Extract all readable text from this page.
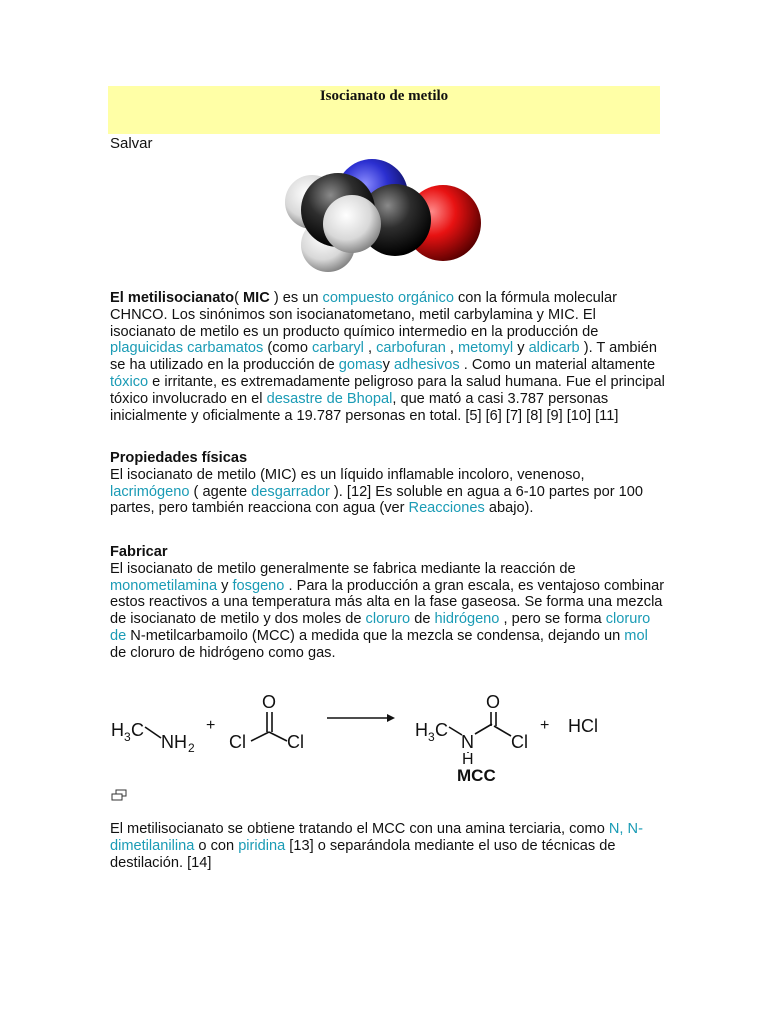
Isocianato de metilo
Salvar
El metilisocianato( MIC ) es un compuesto orgánico con la fórmula molecular CHNCO. Los sinónimos son isocianatometano, metil carbylamina y MIC. El isocianato de metilo es un producto químico intermedio en la producción de plaguicidas carbamatos (como carbaryl , carbofuran , metomyl y aldicarb ). T ambién se ha utilizado en la producción de gomasy adhesivos . Como un material altamente tóxico e irritante, es extremadamente peligroso para la salud humana. Fue el principal tóxico involucrado en el desastre de Bhopal, que mató a casi 3.787 personas inicialmente y oficialmente a 19.787 personas en total. [5] [6] [7] [8] [9] [10] [11]
Propiedades físicas
El isocianato de metilo (MIC) es un líquido inflamable incoloro, venenoso, lacrimógeno ( agente desgarrador ). [12] Es soluble en agua a 6-10 partes por 100 partes, pero también reacciona con agua (ver Reacciones abajo).
Fabricar
El isocianato de metilo generalmente se fabrica mediante la reacción de monometilamina y fosgeno . Para la producción a gran escala, es ventajoso combinar estos reactivos a una temperatura más alta en la fase gaseosa. Se forma una mezcla de isocianato de metilo y dos moles de cloruro de hidrógeno , pero se forma cloruro de N-metilcarbamoilo (MCC) a medida que la mezcla se condensa, dejando un mol de cloruro de hidrógeno como gas.
H 3 C
NH 2
+
O
Cl Cl
H 3 C
N
H
O
Cl
+ HCl
MCC
El metilisocianato se obtiene tratando el MCC con una amina terciaria, como N, N-dimetilanilina o con piridina [13] o separándola mediante el uso de técnicas de destilación. [14]
